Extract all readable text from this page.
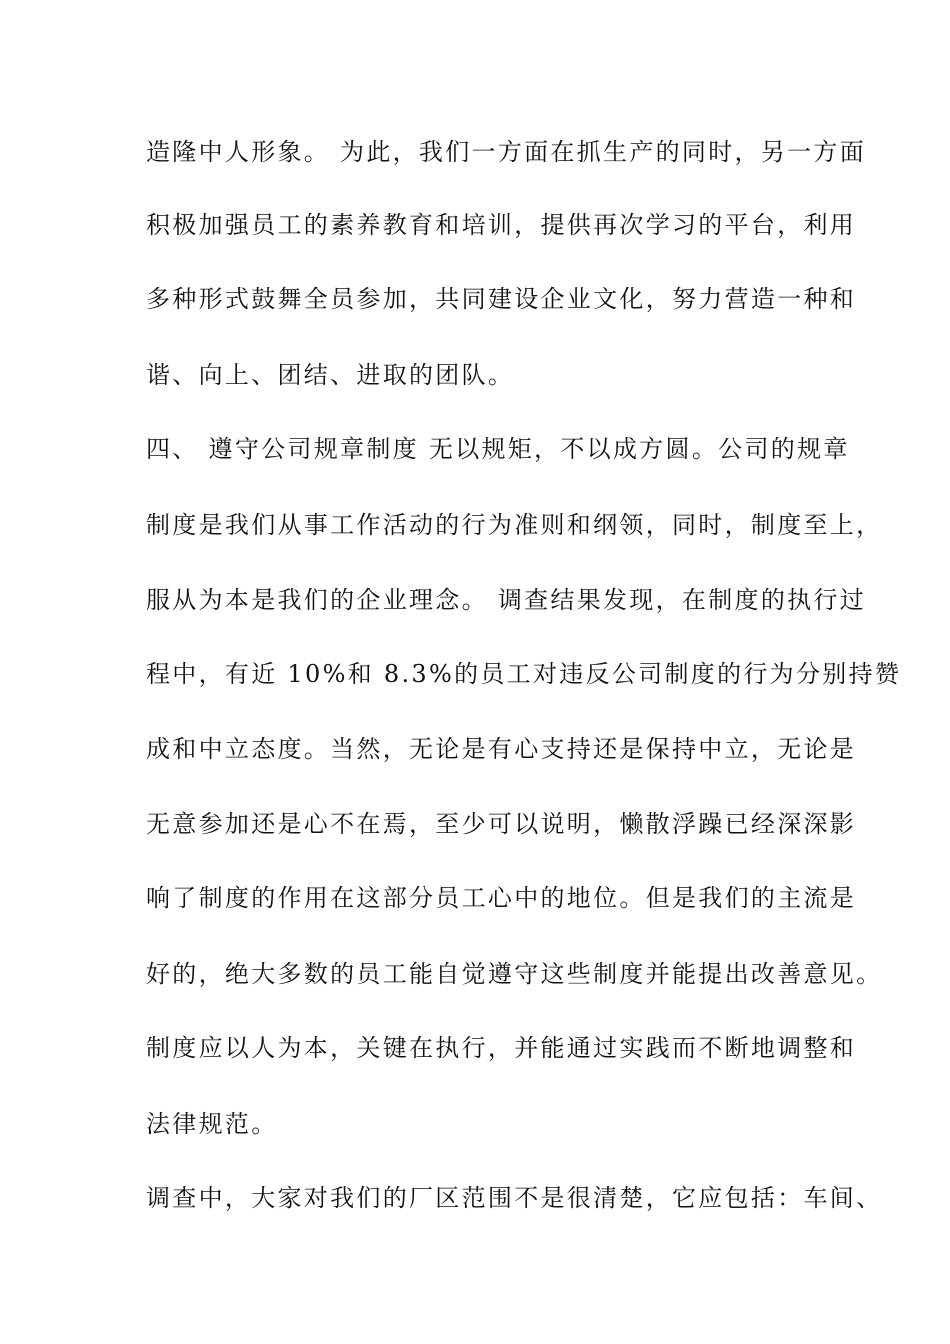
造隆中人形象。 为此，我们一方面在抓生产的同时，另一方面

积极加强员工的素养教育和培训，提供再次学习的平台，利用

多种形式鼓舞全员参加，共同建设企业文化，努力营造一种和

谐、向上、团结、进取的团队。

四、 遵守公司规章制度 无以规矩，不以成方圆。公司的规章

制度是我们从事工作活动的行为准则和纲领，同时，制度至上，

服从为本是我们的企业理念。 调查结果发现，在制度的执行过

程中，有近 10%和 8.3%的员工对违反公司制度的行为分别持赞

成和中立态度。当然，无论是有心支持还是保持中立，无论是

无意参加还是心不在焉，至少可以说明，懒散浮躁已经深深影

响了制度的作用在这部分员工心中的地位。但是我们的主流是

好的，绝大多数的员工能自觉遵守这些制度并能提出改善意见。

制度应以人为本，关键在执行，并能通过实践而不断地调整和

法律规范。

调查中，大家对我们的厂区范围不是很清楚，它应包括：车间、
